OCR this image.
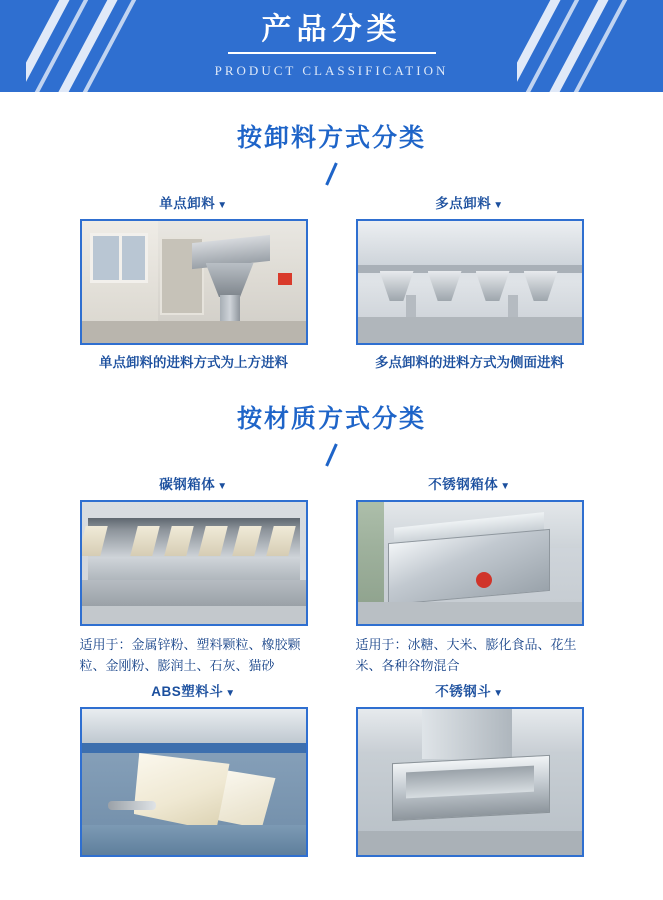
产品分类
PRODUCT CLASSIFICATION
按卸料方式分类
单点卸料 ▼
单点卸料的进料方式为上方进料
多点卸料 ▼
多点卸料的进料方式为侧面进料
按材质方式分类
碳钢箱体 ▼
适用于：金属锌粉、塑料颗粒、橡胶颗粒、金刚粉、膨润土、石灰、猫砂
不锈钢箱体 ▼
适用于：冰糖、大米、膨化食品、花生米、各种谷物混合
ABS塑料斗 ▼	不锈钢斗 ▼
